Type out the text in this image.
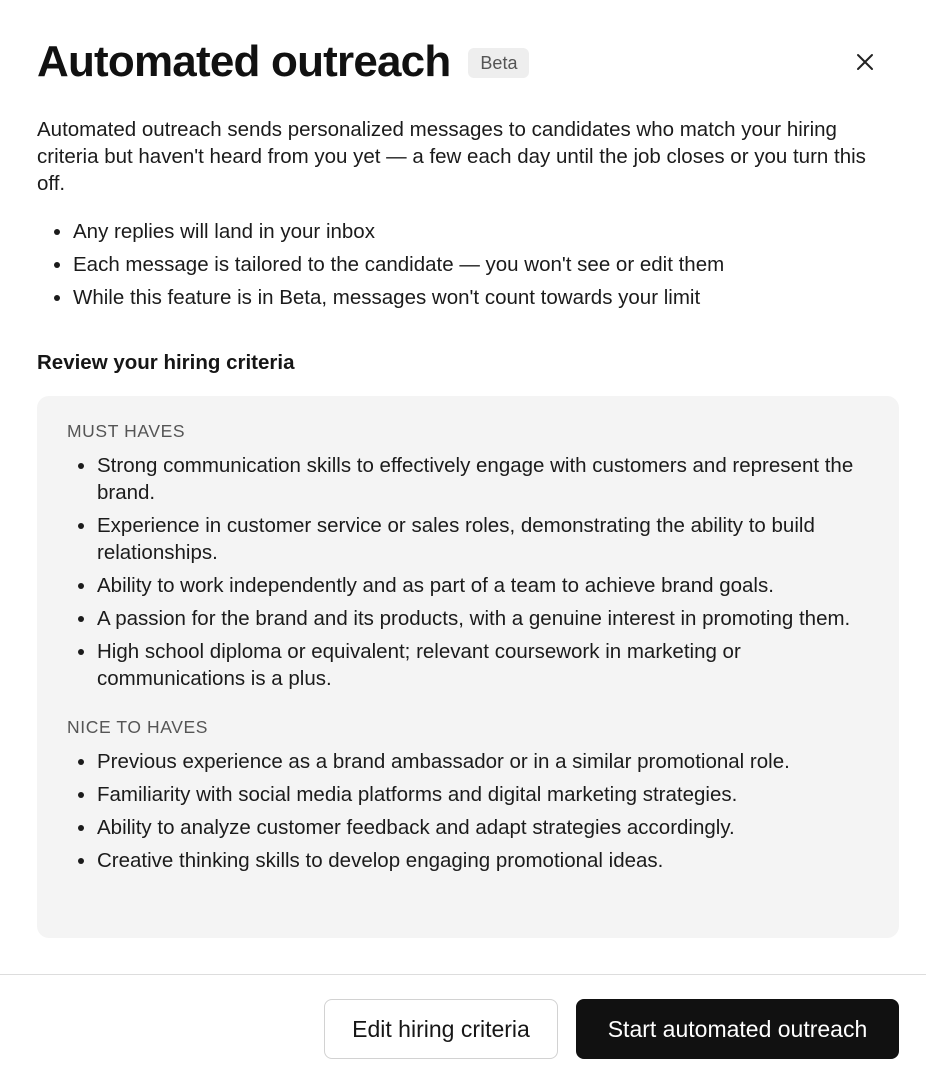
Automated outreach	Beta

Automated outreach sends personalized messages to candidates who match your hiring criteria but haven't heard from you yet — a few each day until the job closes or you turn this off.

• Any replies will land in your inbox
• Each message is tailored to the candidate — you won't see or edit them
• While this feature is in Beta, messages won't count towards your limit
Review your hiring criteria

MUST HAVES

• Strong communication skills to effectively engage with customers and represent the brand.
• Experience in customer service or sales roles, demonstrating the ability to build relationships.
• Ability to work independently and as part of a team to achieve brand goals.
• A passion for the brand and its products, with a genuine interest in promoting them.
• High school diploma or equivalent; relevant coursework in marketing or communications is a plus.

NICE TO HAVES

• Previous experience as a brand ambassador or in a similar promotional role.
• Familiarity with social media platforms and digital marketing strategies.
• Ability to analyze customer feedback and adapt strategies accordingly.
• Creative thinking skills to develop engaging promotional ideas.
Edit hiring criteria	Start automated outreach
